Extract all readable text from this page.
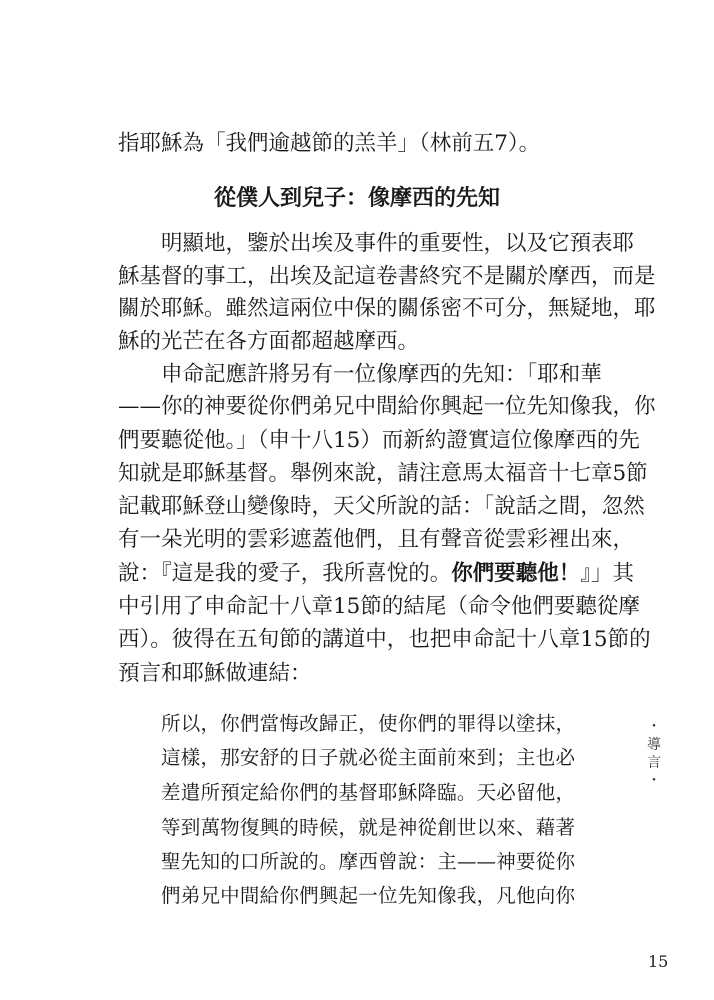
指耶穌為「我們逾越節的羔羊」（林前五7）。
從僕人到兒子：像摩西的先知
明顯地，鑒於出埃及事件的重要性，以及它預表耶
穌基督的事工，出埃及記這卷書終究不是關於摩西，而是
關於耶穌。雖然這兩位中保的關係密不可分，無疑地，耶
穌的光芒在各方面都超越摩西。
申命記應許將另有一位像摩西的先知：「耶和華
——你的神要從你們弟兄中間給你興起一位先知像我，你
們要聽從他。」（申十八15）而新約證實這位像摩西的先
知就是耶穌基督。舉例來說，請注意馬太福音十七章5節
記載耶穌登山變像時，天父所說的話：「說話之間，忽然
有一朵光明的雲彩遮蓋他們，且有聲音從雲彩裡出來，
說：『這是我的愛子，我所喜悅的。你們要聽他！』」其
中引用了申命記十八章15節的結尾（命令他們要聽從摩
西）。彼得在五旬節的講道中，也把申命記十八章15節的
預言和耶穌做連結：
所以，你們當悔改歸正，使你們的罪得以塗抹，
這樣，那安舒的日子就必從主面前來到；主也必
差遣所預定給你們的基督耶穌降臨。天必留他，
等到萬物復興的時候，就是神從創世以來、藉著
聖先知的口所說的。摩西曾說：主——神要從你
們弟兄中間給你們興起一位先知像我，凡他向你
・
導
言
・
15
